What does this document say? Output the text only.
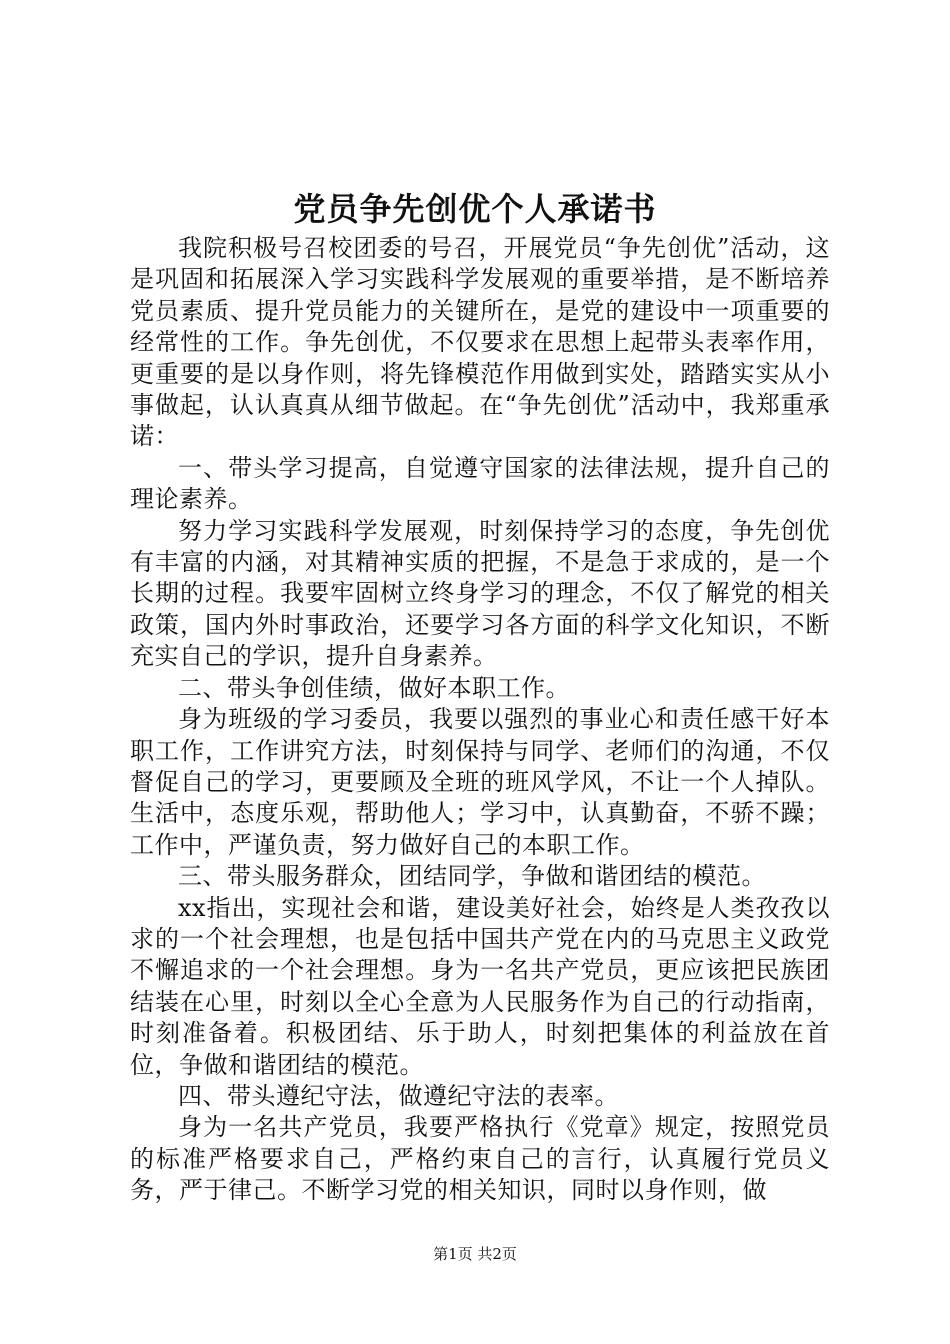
党员争先创优个人承诺书

我院积极号召校团委的号召，开展党员“争先创优”活动，这是巩固和拓展深入学习实践科学发展观的重要举措，是不断培养党员素质、提升党员能力的关键所在，是党的建设中一项重要的经常性的工作。争先创优，不仅要求在思想上起带头表率作用，更重要的是以身作则，将先锋模范作用做到实处，踏踏实实从小事做起，认认真真从细节做起。在“争先创优”活动中，我郑重承诺：

一、带头学习提高，自觉遵守国家的法律法规，提升自己的理论素养。

努力学习实践科学发展观，时刻保持学习的态度，争先创优有丰富的内涵，对其精神实质的把握，不是急于求成的，是一个长期的过程。我要牢固树立终身学习的理念，不仅了解党的相关政策，国内外时事政治，还要学习各方面的科学文化知识，不断充实自己的学识，提升自身素养。

二、带头争创佳绩，做好本职工作。

身为班级的学习委员，我要以强烈的事业心和责任感干好本职工作，工作讲究方法，时刻保持与同学、老师们的沟通，不仅督促自己的学习，更要顾及全班的班风学风，不让一个人掉队。生活中，态度乐观，帮助他人；学习中，认真勤奋，不骄不躁；工作中，严谨负责，努力做好自己的本职工作。

三、带头服务群众，团结同学，争做和谐团结的模范。

xx指出，实现社会和谐，建设美好社会，始终是人类孜孜以求的一个社会理想，也是包括中国共产党在内的马克思主义政党不懈追求的一个社会理想。身为一名共产党员，更应该把民族团结装在心里，时刻以全心全意为人民服务作为自己的行动指南，时刻准备着。积极团结、乐于助人，时刻把集体的利益放在首位，争做和谐团结的模范。

四、带头遵纪守法，做遵纪守法的表率。

身为一名共产党员，我要严格执行《党章》规定，按照党员的标准严格要求自己，严格约束自己的言行，认真履行党员义务，严于律己。不断学习党的相关知识，同时以身作则，做

第1页 共2页
